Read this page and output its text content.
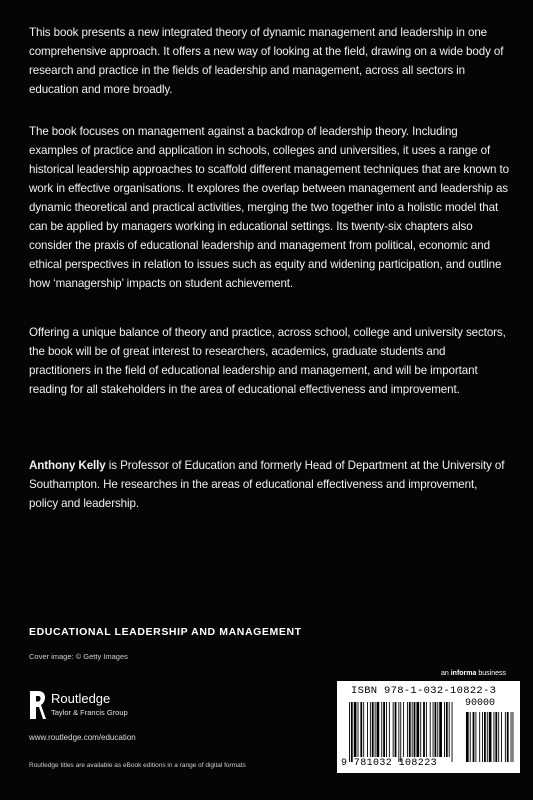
This book presents a new integrated theory of dynamic management and leadership in one comprehensive approach. It offers a new way of looking at the field, drawing on a wide body of research and practice in the fields of leadership and management, across all sectors in education and more broadly.

The book focuses on management against a backdrop of leadership theory. Including examples of practice and application in schools, colleges and universities, it uses a range of historical leadership approaches to scaffold different management techniques that are known to work in effective organisations. It explores the overlap between management and leadership as dynamic theoretical and practical activities, merging the two together into a holistic model that can be applied by managers working in educational settings. Its twenty-six chapters also consider the praxis of educational leadership and management from political, economic and ethical perspectives in relation to issues such as equity and widening participation, and outline how ‘managership’ impacts on student achievement.

Offering a unique balance of theory and practice, across school, college and university sectors, the book will be of great interest to researchers, academics, graduate students and practitioners in the field of educational leadership and management, and will be important reading for all stakeholders in the area of educational effectiveness and improvement.

Anthony Kelly is Professor of Education and formerly Head of Department at the University of Southampton. He researches in the areas of educational effectiveness and improvement, policy and leadership.

EDUCATIONAL LEADERSHIP AND MANAGEMENT
Cover image: © Getty Images
Routledge
Taylor & Francis Group
www.routledge.com/education
Routledge titles are available as eBook editions in a range of digital formats
an informa business
ISBN 978-1-032-10822-3
90000
9 781032 108223
